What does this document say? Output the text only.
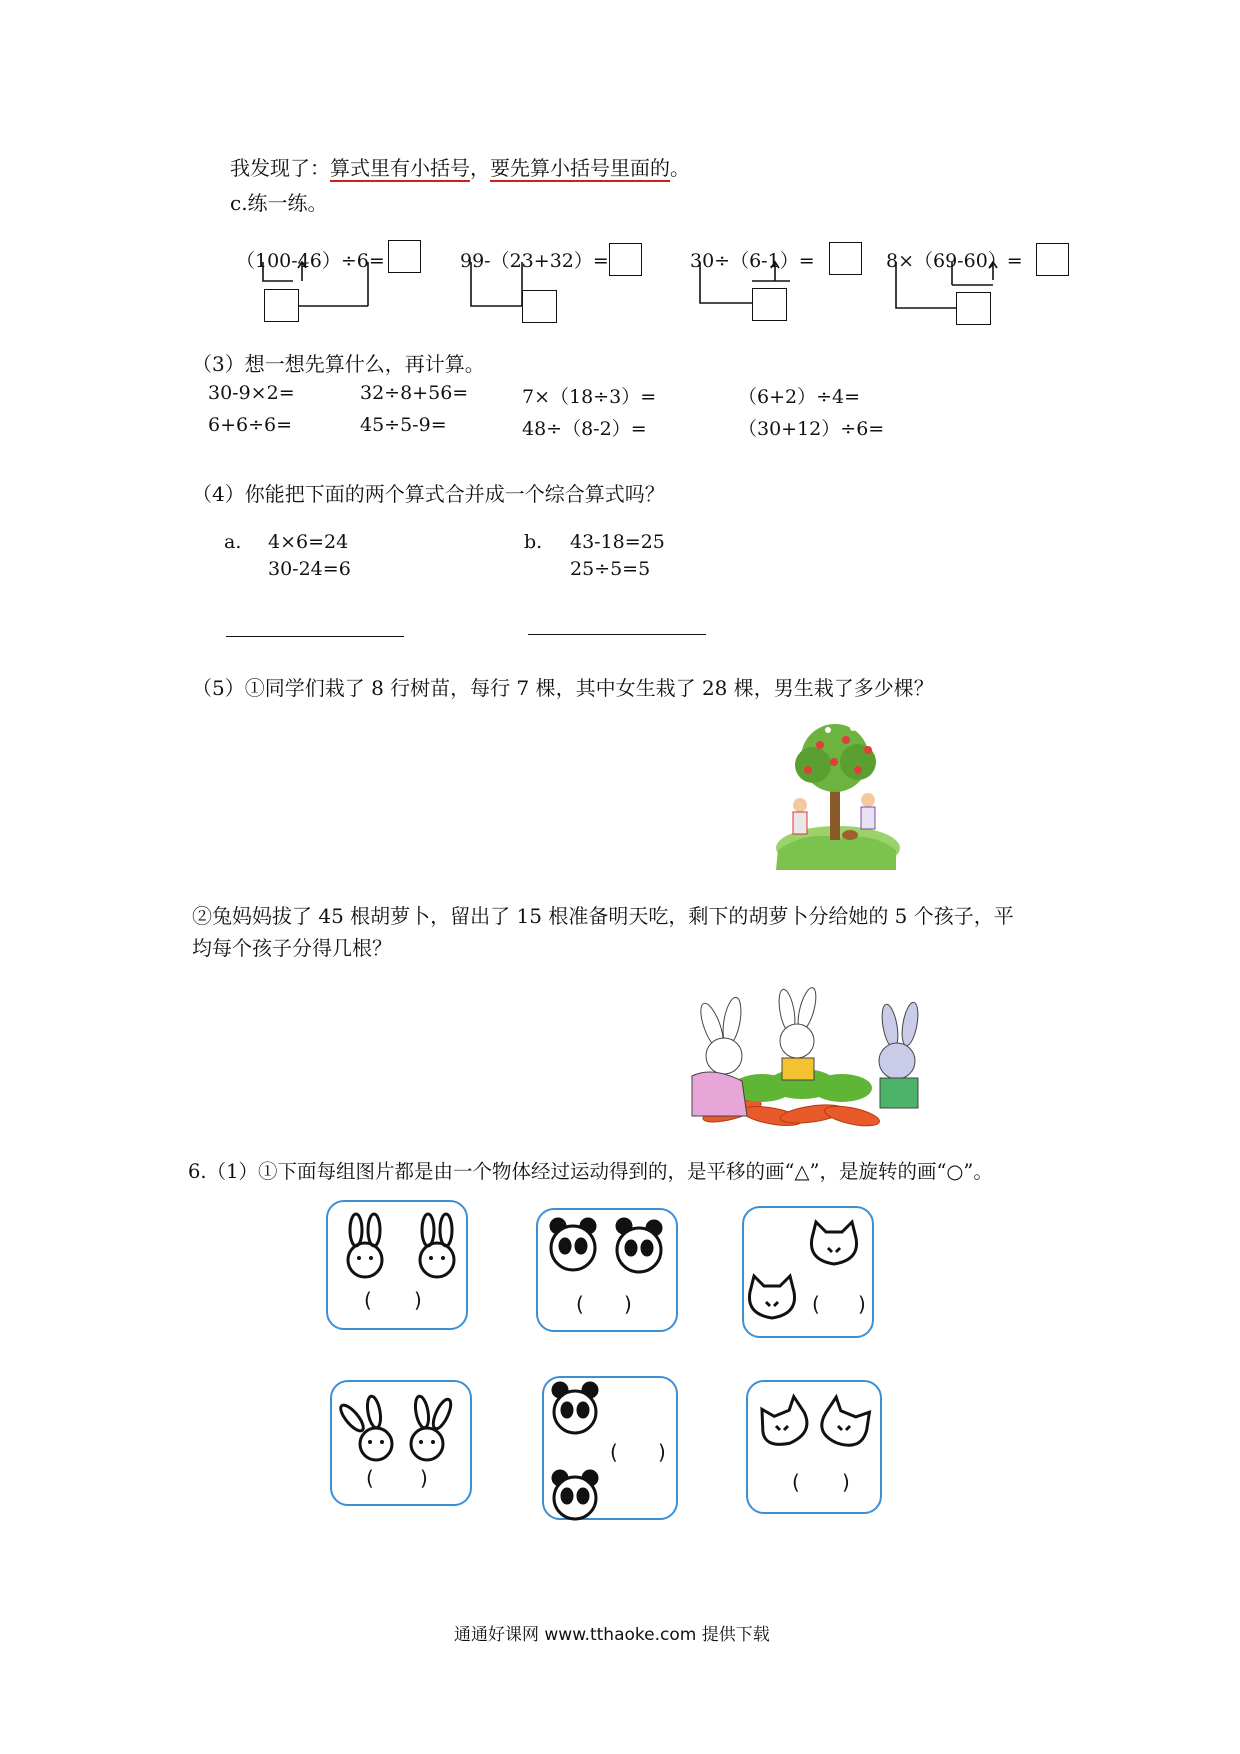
我发现了：算式里有小括号，要先算小括号里面的。
c.练一练。
（100-46）÷6=	99-（23+32）=	30÷（6-1）=	8×（69-60）=
（3）想一想先算什么，再计算。
30-9×2=	32÷8+56=	7×（18÷3）=	（6+2）÷4=
6+6÷6=	45÷5-9=	48÷（8-2）=	（30+12）÷6=
（4）你能把下面的两个算式合并成一个综合算式吗？
a. 4×6=24
30-24=6
b. 43-18=25
25÷5=5
（5）①同学们栽了 8 行树苗，每行 7 棵，其中女生栽了 28 棵，男生栽了多少棵？
②兔妈妈拔了 45 根胡萝卜，留出了 15 根准备明天吃，剩下的胡萝卜分给她的 5 个孩子，平
均每个孩子分得几根？
6.（1）①下面每组图片都是由一个物体经过运动得到的，是平移的画“△”，是旋转的画“○”。
( )	( )	( )
( )
( )
( )
通通好课网 www.tthaoke.com 提供下载
